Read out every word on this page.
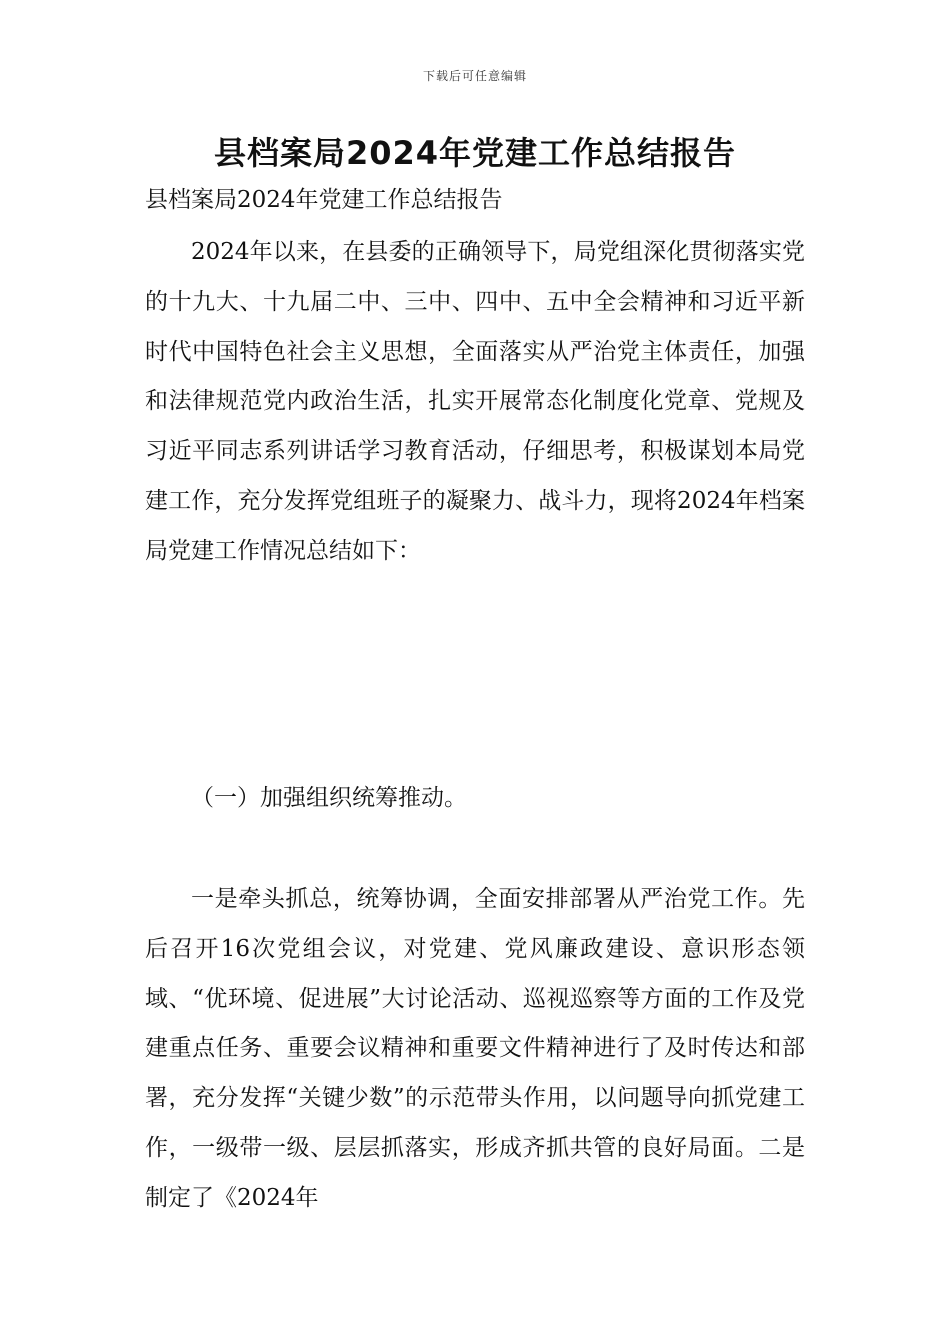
下载后可任意编辑
县档案局2024年党建工作总结报告
县档案局2024年党建工作总结报告
2024年以来，在县委的正确领导下，局党组深化贯彻落实党的十九大、十九届二中、三中、四中、五中全会精神和习近平新时代中国特色社会主义思想，全面落实从严治党主体责任，加强和法律规范党内政治生活，扎实开展常态化制度化党章、党规及习近平同志系列讲话学习教育活动，仔细思考，积极谋划本局党建工作，充分发挥党组班子的凝聚力、战斗力，现将2024年档案局党建工作情况总结如下：
（一）加强组织统筹推动。
一是牵头抓总，统筹协调，全面安排部署从严治党工作。先后召开16次党组会议，对党建、党风廉政建设、意识形态领域、“优环境、促进展”大讨论活动、巡视巡察等方面的工作及党建重点任务、重要会议精神和重要文件精神进行了及时传达和部署，充分发挥“关键少数”的示范带头作用，以问题导向抓党建工作，一级带一级、层层抓落实，形成齐抓共管的良好局面。二是制定了《2024年
